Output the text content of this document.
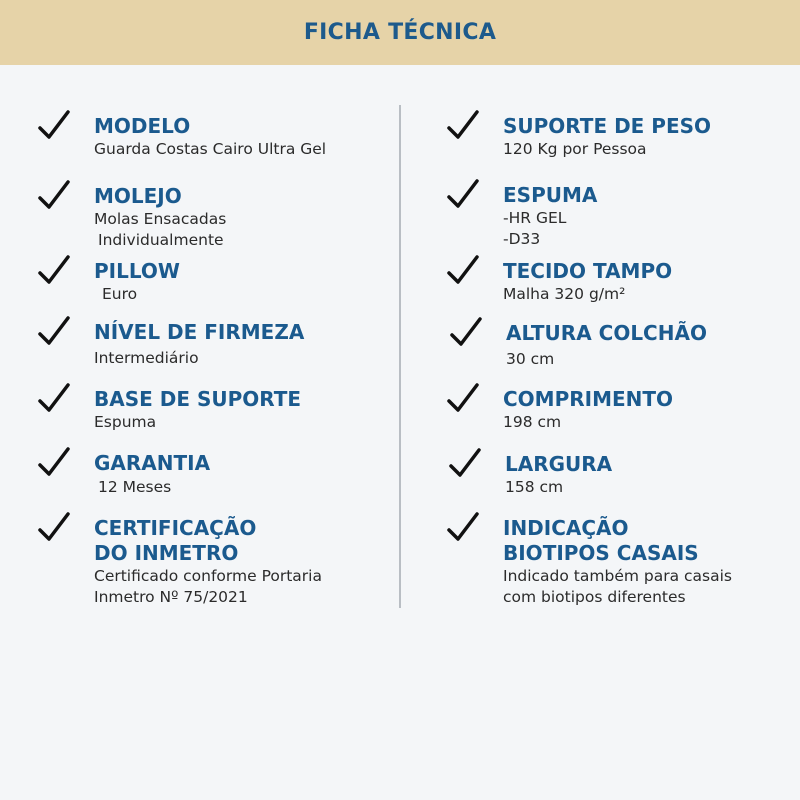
FICHA TÉCNICA
MODELO
Guarda Costas Cairo Ultra Gel
MOLEJO
Molas Ensacadas
Individualmente
PILLOW
Euro
NÍVEL DE FIRMEZA
Intermediário
BASE DE SUPORTE
Espuma
GARANTIA
12 Meses
CERTIFICAÇÃO
DO INMETRO
Certificado conforme Portaria
Inmetro Nº 75/2021
SUPORTE DE PESO
120 Kg por Pessoa
ESPUMA
-HR GEL
-D33
TECIDO TAMPO
Malha 320 g/m²
ALTURA COLCHÃO
30 cm
COMPRIMENTO
198 cm
LARGURA
158 cm
INDICAÇÃO
BIOTIPOS CASAIS
Indicado também para casais
com biotipos diferentes
